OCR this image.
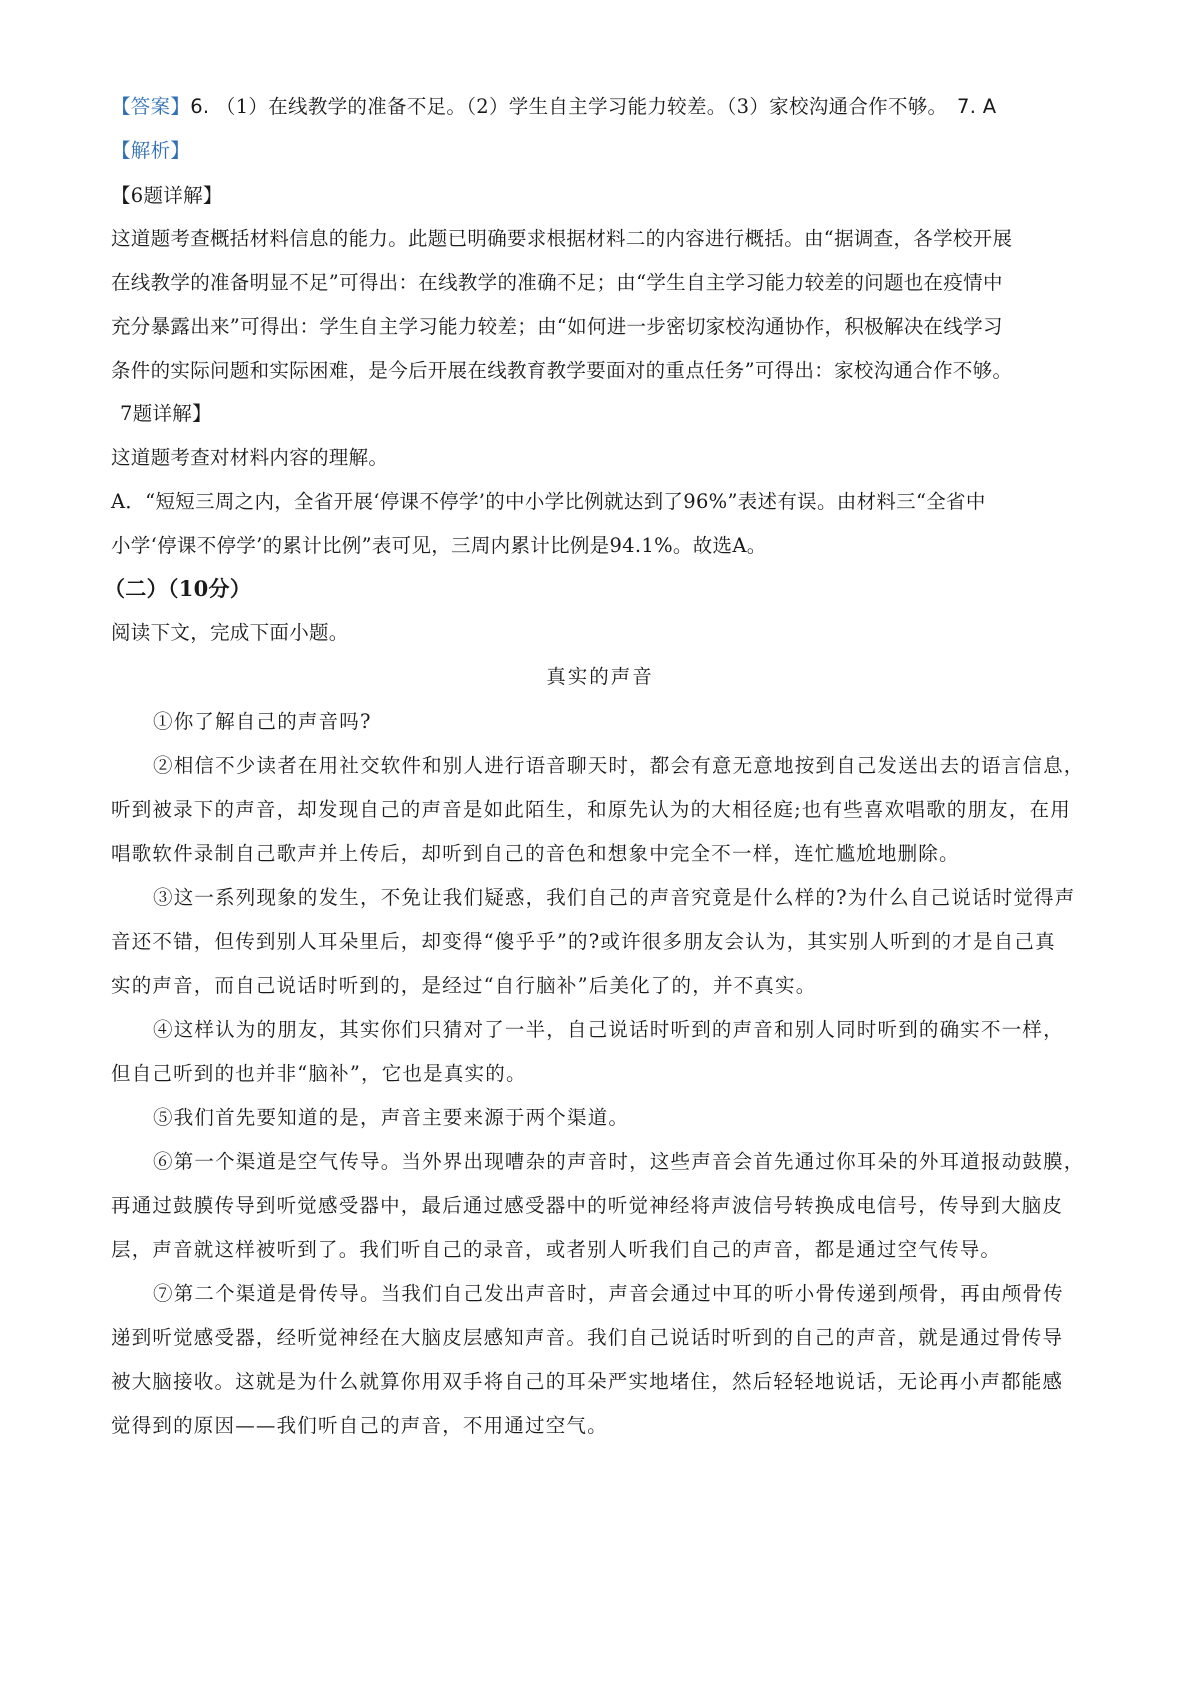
【答案】6. （1）在线教学的准备不足。（2）学生自主学习能力较差。（3）家校沟通合作不够。 7. A
【解析】
【6题详解】
这道题考查概括材料信息的能力。此题已明确要求根据材料二的内容进行概括。由“据调查，各学校开展
在线教学的准备明显不足”可得出：在线教学的准确不足；由“学生自主学习能力较差的问题也在疫情中
充分暴露出来”可得出：学生自主学习能力较差；由“如何进一步密切家校沟通协作，积极解决在线学习
条件的实际问题和实际困难，是今后开展在线教育教学要面对的重点任务”可得出：家校沟通合作不够。
7题详解】
这道题考查对材料内容的理解。
A．“短短三周之内，全省开展‘停课不停学’的中小学比例就达到了96%”表述有误。由材料三“全省中
小学‘停课不停学’的累计比例”表可见，三周内累计比例是94.1%。故选A。
（二）（10分）
阅读下文，完成下面小题。
真实的声音
①你了解自己的声音吗?
②相信不少读者在用社交软件和别人进行语音聊天时，都会有意无意地按到自己发送出去的语言信息，
听到被录下的声音，却发现自己的声音是如此陌生，和原先认为的大相径庭;也有些喜欢唱歌的朋友，在用
唱歌软件录制自己歌声并上传后，却听到自己的音色和想象中完全不一样，连忙尴尬地删除。
③这一系列现象的发生，不免让我们疑惑，我们自己的声音究竟是什么样的?为什么自己说话时觉得声
音还不错，但传到别人耳朵里后，却变得“傻乎乎”的?或许很多朋友会认为，其实别人听到的才是自己真
实的声音，而自己说话时听到的，是经过“自行脑补”后美化了的，并不真实。
④这样认为的朋友，其实你们只猜对了一半，自己说话时听到的声音和别人同时听到的确实不一样，
但自己听到的也并非“脑补”，它也是真实的。
⑤我们首先要知道的是，声音主要来源于两个渠道。
⑥第一个渠道是空气传导。当外界出现嘈杂的声音时，这些声音会首先通过你耳朵的外耳道报动鼓膜，
再通过鼓膜传导到听觉感受器中，最后通过感受器中的听觉神经将声波信号转换成电信号，传导到大脑皮
层，声音就这样被听到了。我们听自己的录音，或者别人听我们自己的声音，都是通过空气传导。
⑦第二个渠道是骨传导。当我们自己发出声音时，声音会通过中耳的听小骨传递到颅骨，再由颅骨传
递到听觉感受器，经听觉神经在大脑皮层感知声音。我们自己说话时听到的自己的声音，就是通过骨传导
被大脑接收。这就是为什么就算你用双手将自己的耳朵严实地堵住，然后轻轻地说话，无论再小声都能感
觉得到的原因——我们听自己的声音，不用通过空气。
